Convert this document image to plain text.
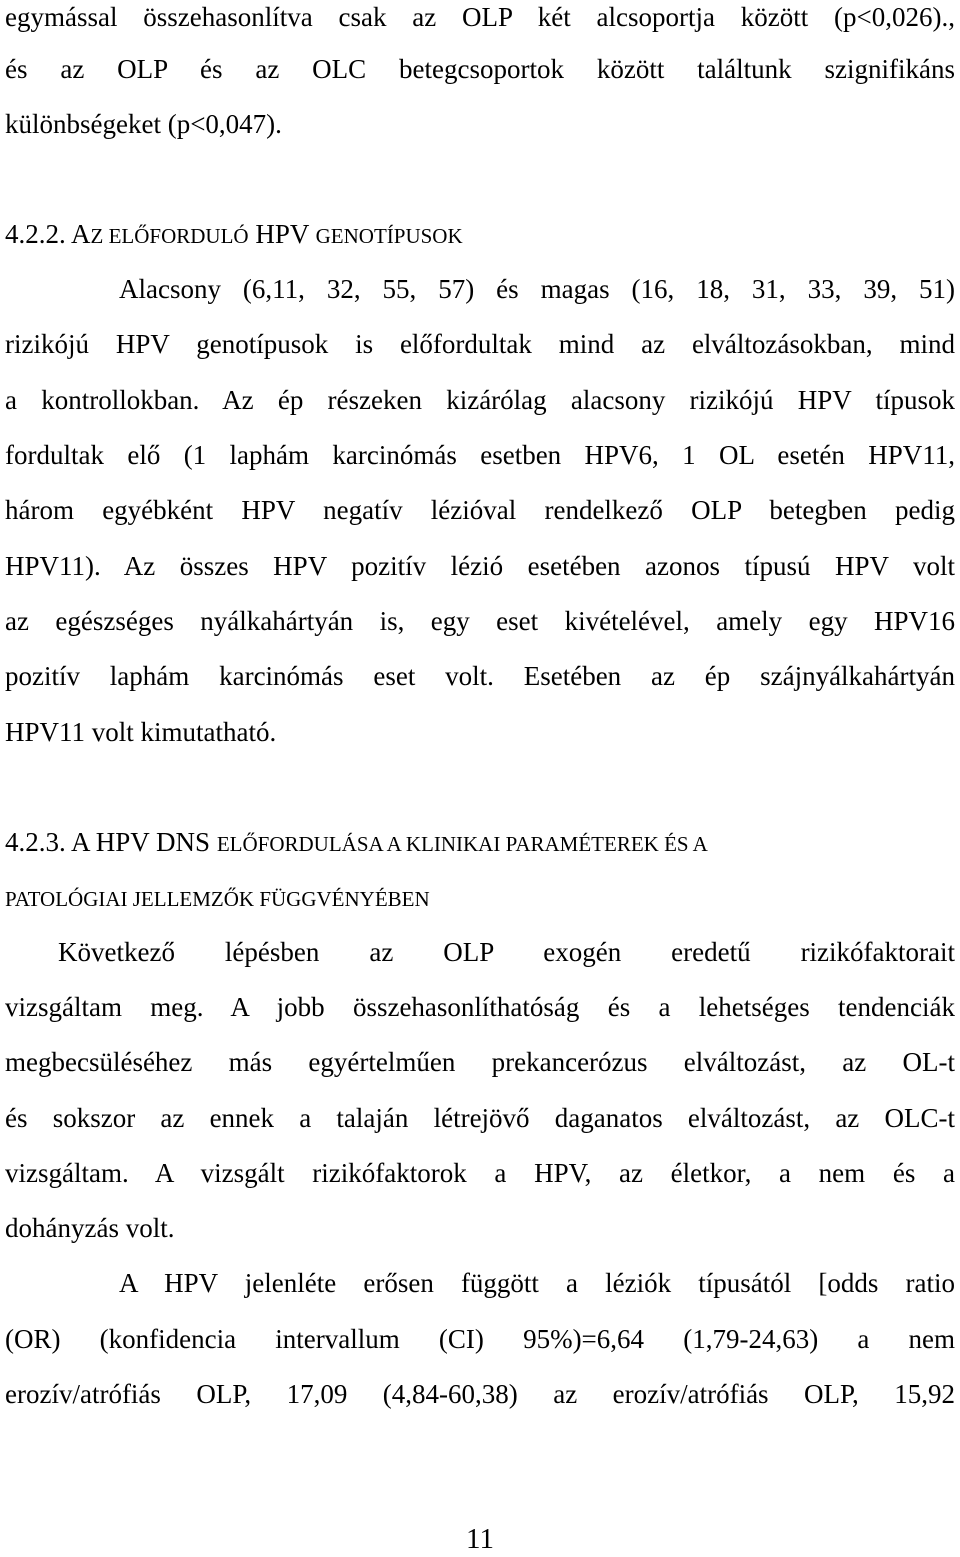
egymással összehasonlítva csak az OLP két alcsoportja között (p<0,026).,
és az OLP és az OLC betegcsoportok között találtunk szignifikáns
különbségeket (p<0,047).
4.2.2. AZ ELŐFORDULÓ HPV GENOTÍPUSOK
Alacsony (6,11, 32, 55, 57) és magas (16, 18, 31, 33, 39, 51)
rizikójú HPV genotípusok is előfordultak mind az elváltozásokban, mind
a kontrollokban. Az ép részeken kizárólag alacsony rizikójú HPV típusok
fordultak elő (1 laphám karcinómás esetben HPV6, 1 OL esetén HPV11,
három egyébként HPV negatív lézióval rendelkező OLP betegben pedig
HPV11). Az összes HPV pozitív lézió esetében azonos típusú HPV volt
az egészséges nyálkahártyán is, egy eset kivételével, amely egy HPV16
pozitív laphám karcinómás eset volt. Esetében az ép szájnyálkahártyán
HPV11 volt kimutatható.
4.2.3. A HPV DNS ELŐFORDULÁSA A KLINIKAI PARAMÉTEREK ÉS A
PATOLÓGIAI JELLEMZŐK FÜGGVÉNYÉBEN
Következő lépésben az OLP exogén eredetű rizikófaktorait
vizsgáltam meg. A jobb összehasonlíthatóság és a lehetséges tendenciák
megbecsüléséhez más egyértelműen prekancerózus elváltozást, az OL-t
és sokszor az ennek a talaján létrejövő daganatos elváltozást, az OLC-t
vizsgáltam. A vizsgált rizikófaktorok a HPV, az életkor, a nem és a
dohányzás volt.
A HPV jelenléte erősen függött a léziók típusától [odds ratio
(OR) (konfidencia intervallum (CI) 95%)=6,64 (1,79-24,63) a nem
erozív/atrófiás OLP, 17,09 (4,84-60,38) az erozív/atrófiás OLP, 15,92
11
